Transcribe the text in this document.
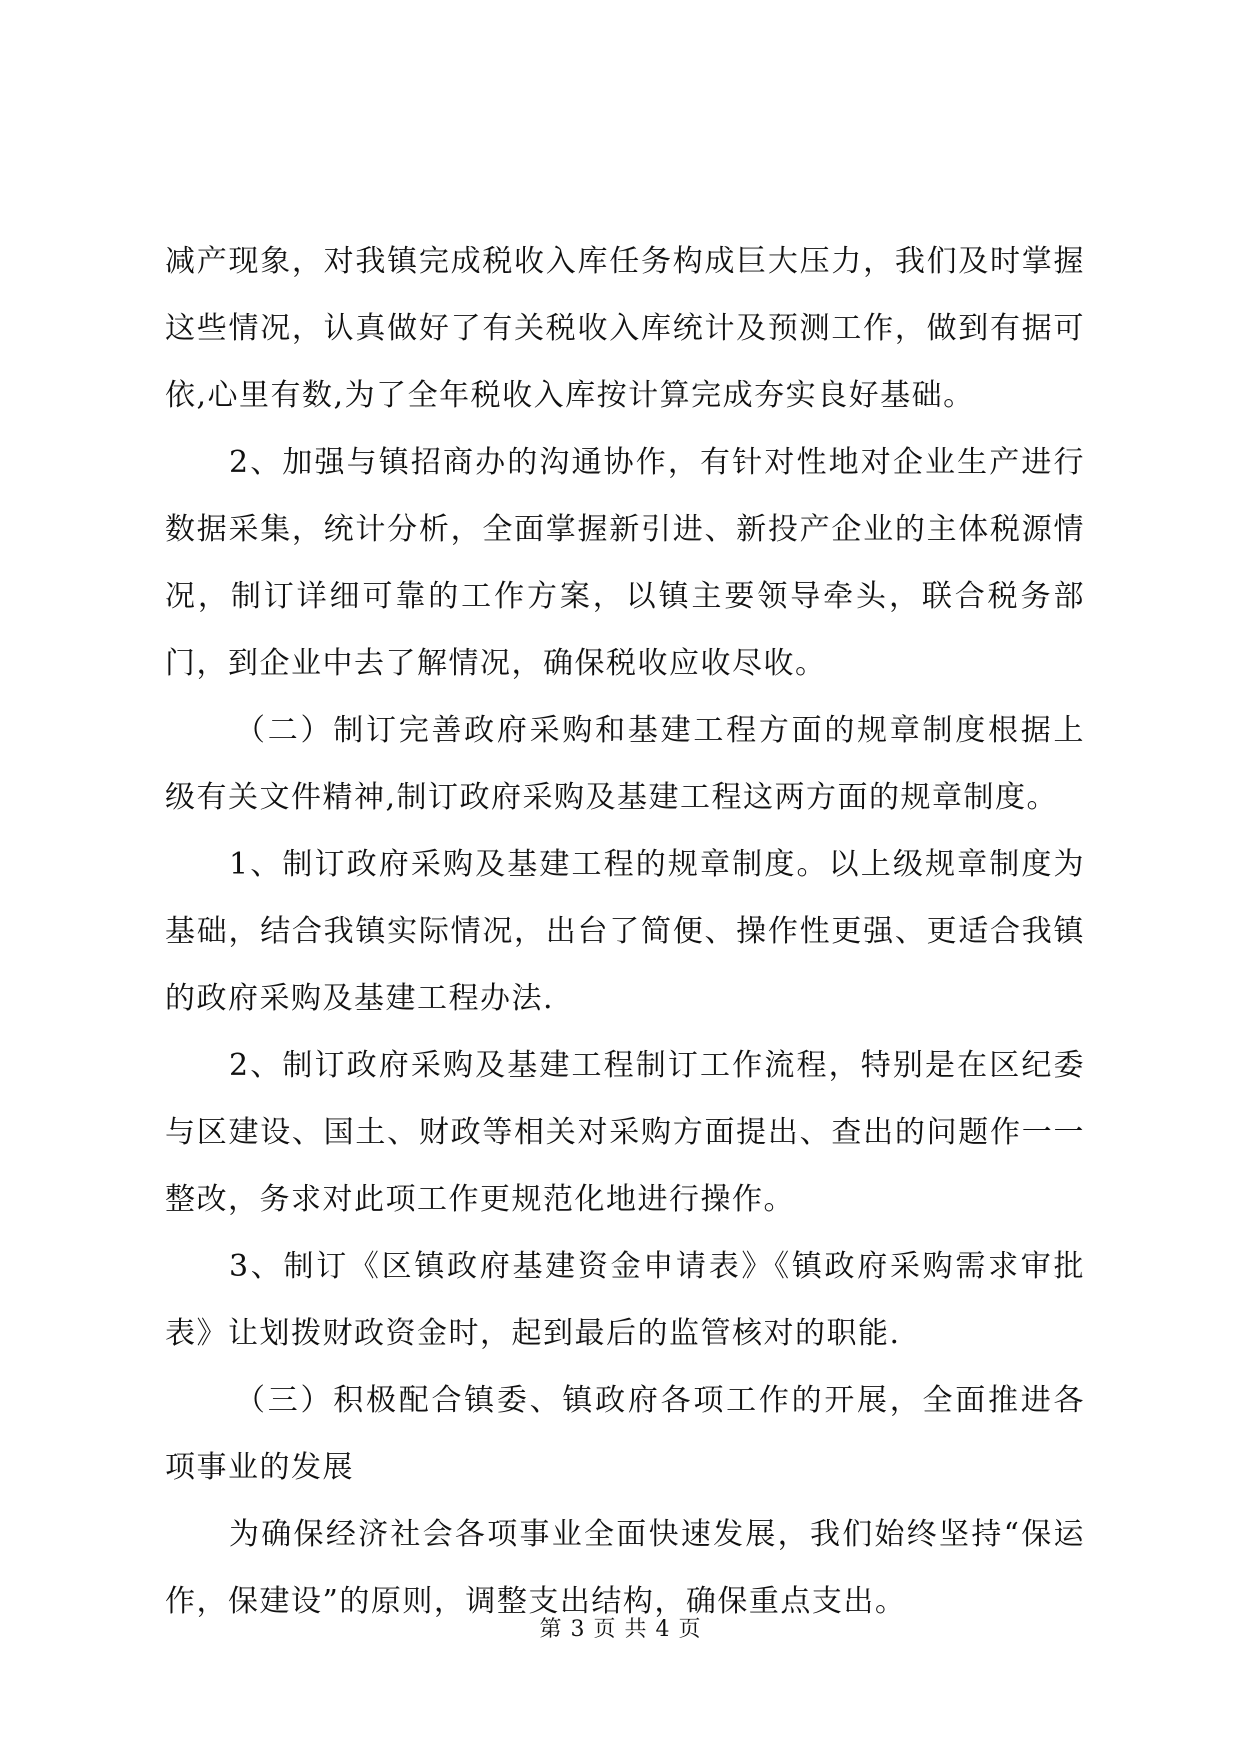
减产现象，对我镇完成税收入库任务构成巨大压力，我们及时掌握这些情况，认真做好了有关税收入库统计及预测工作，做到有据可依,心里有数,为了全年税收入库按计算完成夯实良好基础。

2、加强与镇招商办的沟通协作，有针对性地对企业生产进行数据采集，统计分析，全面掌握新引进、新投产企业的主体税源情况，制订详细可靠的工作方案，以镇主要领导牵头，联合税务部门，到企业中去了解情况，确保税收应收尽收。

（二）制订完善政府采购和基建工程方面的规章制度根据上级有关文件精神,制订政府采购及基建工程这两方面的规章制度。

1、制订政府采购及基建工程的规章制度。以上级规章制度为基础，结合我镇实际情况，出台了简便、操作性更强、更适合我镇的政府采购及基建工程办法.

2、制订政府采购及基建工程制订工作流程，特别是在区纪委与区建设、国土、财政等相关对采购方面提出、查出的问题作一一整改，务求对此项工作更规范化地进行操作。

3、制订《区镇政府基建资金申请表》《镇政府采购需求审批表》让划拨财政资金时，起到最后的监管核对的职能.

（三）积极配合镇委、镇政府各项工作的开展，全面推进各项事业的发展

为确保经济社会各项事业全面快速发展，我们始终坚持“保运作，保建设”的原则，调整支出结构，确保重点支出。

第 3 页 共 4 页
